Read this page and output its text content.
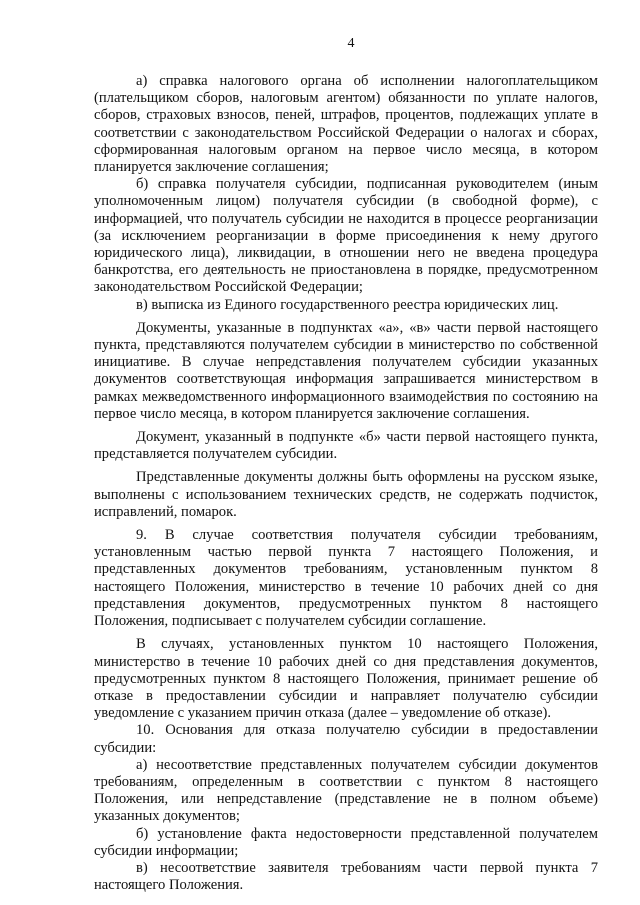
4

а) справка налогового органа об исполнении налогоплательщиком (плательщиком сборов, налоговым агентом) обязанности по уплате налогов, сборов, страховых взносов, пеней, штрафов, процентов, подлежащих уплате в соответствии с законодательством Российской Федерации о налогах и сборах, сформированная налоговым органом на первое число месяца, в котором планируется заключение соглашения;

б) справка получателя субсидии, подписанная руководителем (иным уполномоченным лицом) получателя субсидии (в свободной форме), с информацией, что получатель субсидии не находится в процессе реорганизации (за исключением реорганизации в форме присоединения к нему другого юридического лица), ликвидации, в отношении него не введена процедура банкротства, его деятельность не приостановлена в порядке, предусмотренном законодательством Российской Федерации;

в) выписка из Единого государственного реестра юридических лиц.

Документы, указанные в подпунктах «а», «в» части первой настоящего пункта, представляются получателем субсидии в министерство по собственной инициативе. В случае непредставления получателем субсидии указанных документов соответствующая информация запрашивается министерством в рамках межведомственного информационного взаимодействия по состоянию на первое число месяца, в котором планируется заключение соглашения.

Документ, указанный в подпункте «б» части первой настоящего пункта, представляется получателем субсидии.

Представленные документы должны быть оформлены на русском языке, выполнены с использованием технических средств, не содержать подчисток, исправлений, помарок.

9. В случае соответствия получателя субсидии требованиям, установленным частью первой пункта 7 настоящего Положения, и представленных документов требованиям, установленным пунктом 8 настоящего Положения, министерство в течение 10 рабочих дней со дня представления документов, предусмотренных пунктом 8 настоящего Положения, подписывает с получателем субсидии соглашение.

В случаях, установленных пунктом 10 настоящего Положения, министерство в течение 10 рабочих дней со дня представления документов, предусмотренных пунктом 8 настоящего Положения, принимает решение об отказе в предоставлении субсидии и направляет получателю субсидии уведомление с указанием причин отказа (далее – уведомление об отказе).

10. Основания для отказа получателю субсидии в предоставлении субсидии:

а) несоответствие представленных получателем субсидии документов требованиям, определенным в соответствии с пунктом 8 настоящего Положения, или непредставление (представление не в полном объеме) указанных документов;

б) установление факта недостоверности представленной получателем субсидии информации;

в) несоответствие заявителя требованиям части первой пункта 7 настоящего Положения.
